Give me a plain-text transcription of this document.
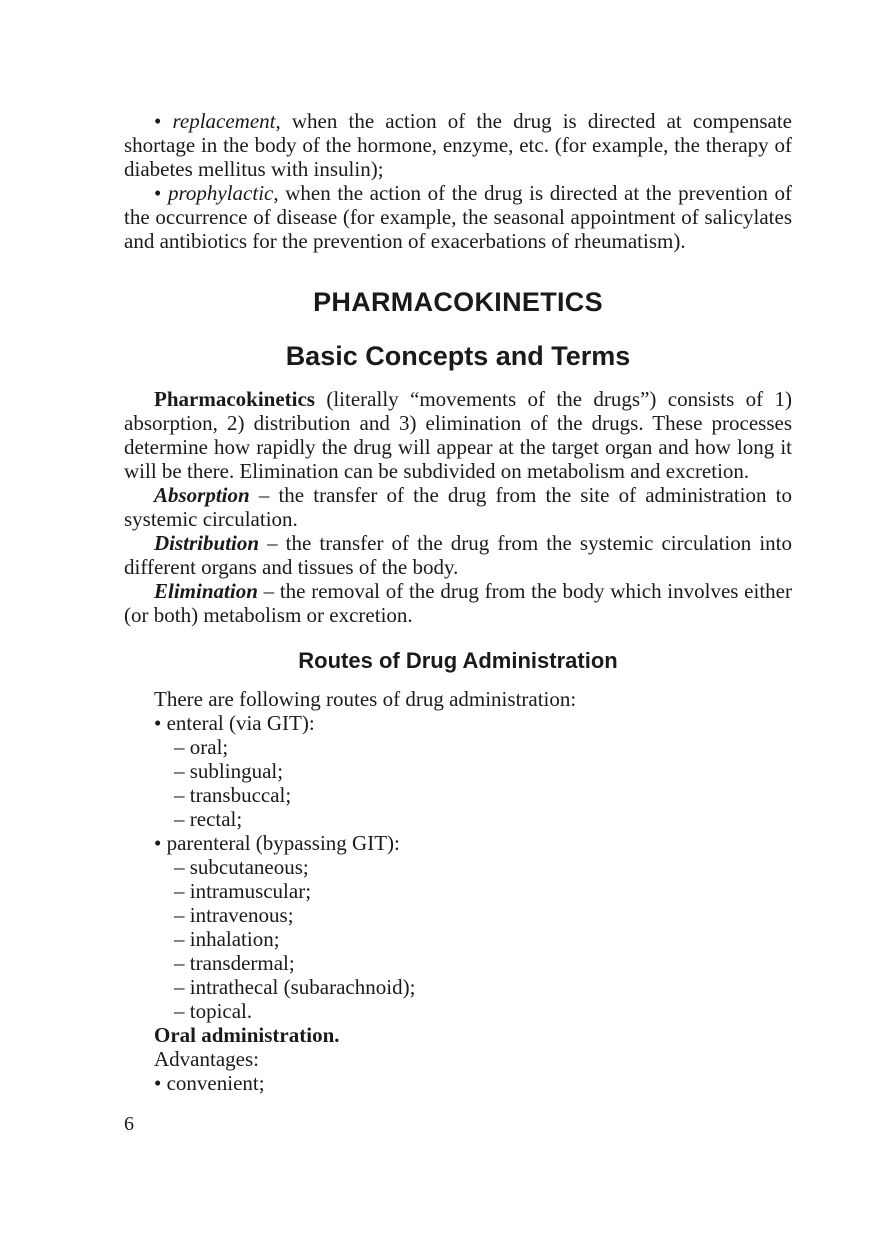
• replacement, when the action of the drug is directed at compensate shortage in the body of the hormone, enzyme, etc. (for example, the therapy of diabetes mellitus with insulin);

• prophylactic, when the action of the drug is directed at the prevention of the occurrence of disease (for example, the seasonal appointment of salicylates and antibiotics for the prevention of exacerbations of rheumatism).

PHARMACOKINETICS
Basic Concepts and Terms

Pharmacokinetics (literally “movements of the drugs”) consists of 1) absorption, 2) distribution and 3) elimination of the drugs. These processes determine how rapidly the drug will appear at the target organ and how long it will be there. Elimination can be subdivided on metabolism and excretion.

Absorption – the transfer of the drug from the site of administration to systemic circulation.

Distribution – the transfer of the drug from the systemic circulation into different organs and tissues of the body.

Elimination – the removal of the drug from the body which involves either (or both) metabolism or excretion.

Routes of Drug Administration

There are following routes of drug administration:

• enteral (via GIT):

– oral;

– sublingual;

– transbuccal;

– rectal;

• parenteral (bypassing GIT):

– subcutaneous;

– intramuscular;

– intravenous;

– inhalation;

– transdermal;

– intrathecal (subarachnoid);

– topical.

Oral administration.

Advantages:

• convenient;

6
